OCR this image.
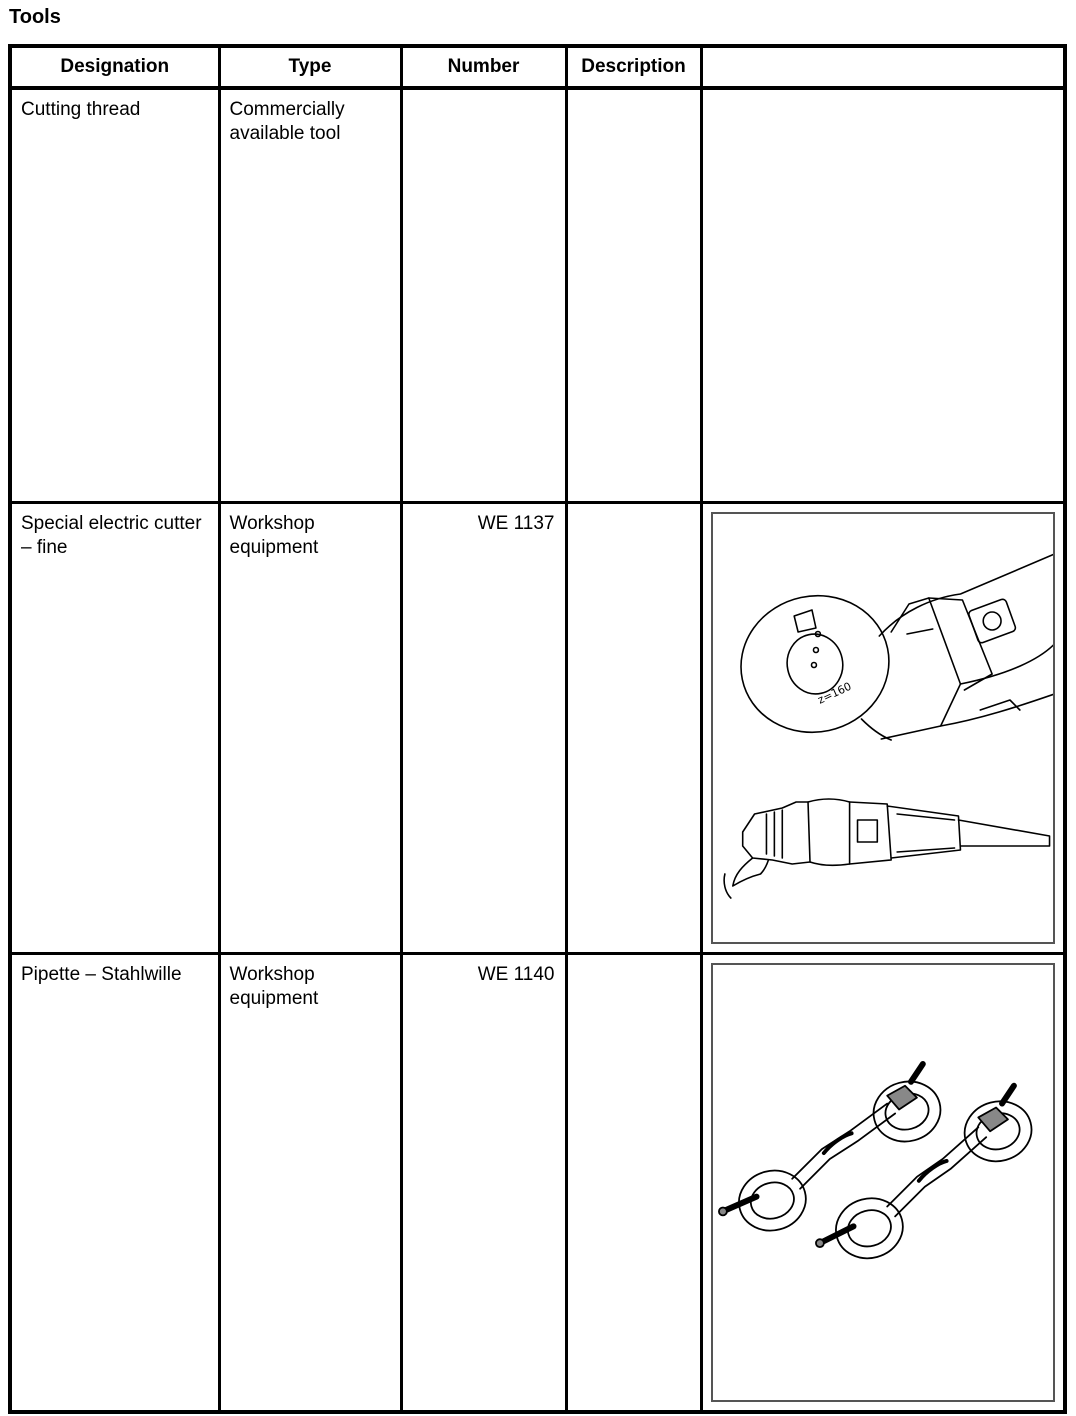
Tools
Designation	Type	Number	Description	
Cutting thread	Commercially available tool			
Special electric cutter – fine	Workshop equipment	WE 1137		z=160

Pipette – Stahlwille	Workshop equipment	WE 1140		
